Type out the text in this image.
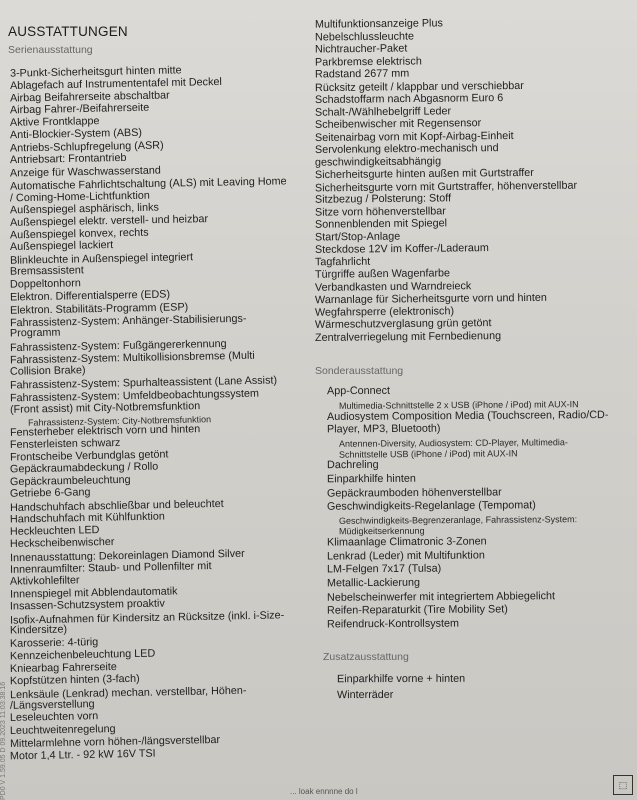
AUSSTATTUNGEN
Serienausstattung
3-Punkt-Sicherheitsgurt hinten mitte
Ablagefach auf Instrumententafel mit Deckel
Airbag Beifahrerseite abschaltbar
Airbag Fahrer-/Beifahrerseite
Aktive Frontklappe
Anti-Blockier-System (ABS)
Antriebs-Schlupfregelung (ASR)
Antriebsart: Frontantrieb
Anzeige für Waschwasserstand
Automatische Fahrlichtschaltung (ALS) mit Leaving Home
/ Coming-Home-Lichtfunktion
Außenspiegel asphärisch, links
Außenspiegel elektr. verstell- und heizbar
Außenspiegel konvex, rechts
Außenspiegel lackiert
Blinkleuchte in Außenspiegel integriert
Bremsassistent
Doppeltonhorn
Elektron. Differentialsperre (EDS)
Elektron. Stabilitäts-Programm (ESP)
Fahrassistenz-System: Anhänger-Stabilisierungs-
Programm
Fahrassistenz-System: Fußgängererkennung
Fahrassistenz-System: Multikollisionsbremse (Multi
Collision Brake)
Fahrassistenz-System: Spurhalteassistent (Lane Assist)
Fahrassistenz-System: Umfeldbeobachtungssystem
(Front assist) mit City-Notbremsfunktion
Fahrassistenz-System: City-Notbremsfunktion
Fensterheber elektrisch vorn und hinten
Fensterleisten schwarz
Frontscheibe Verbundglas getönt
Gepäckraumabdeckung / Rollo
Gepäckraumbeleuchtung
Getriebe 6-Gang
Handschuhfach abschließbar und beleuchtet
Handschuhfach mit Kühlfunktion
Heckleuchten LED
Heckscheibenwischer
Innenausstattung: Dekoreinlagen Diamond Silver
Innenraumfilter: Staub- und Pollenfilter mit
Aktivkohlefilter
Innenspiegel mit Abblendautomatik
Insassen-Schutzsystem proaktiv
Isofix-Aufnahmen für Kindersitz an Rücksitze (inkl. i-Size-
Kindersitze)
Karosserie: 4-türig
Kennzeichenbeleuchtung LED
Kniearbag Fahrerseite
Kopfstützen hinten (3-fach)
Lenksäule (Lenkrad) mechan. verstellbar, Höhen-
/Längsverstellung
Leseleuchten vorn
Leuchtweitenregelung
Mittelarmlehne vorn höhen-/längsverstellbar
Motor 1,4 Ltr. - 92 kW 16V TSI
Multifunktionsanzeige Plus
Nebelschlussleuchte
Nichtraucher-Paket
Parkbremse elektrisch
Radstand 2677 mm
Rücksitz geteilt / klappbar und verschiebbar
Schadstoffarm nach Abgasnorm Euro 6
Schalt-/Wählhebelgriff Leder
Scheibenwischer mit Regensensor
Seitenairbag vorn mit Kopf-Airbag-Einheit
Servolenkung elektro-mechanisch und
geschwindigkeitsabhängig
Sicherheitsgurte hinten außen mit Gurtstraffer
Sicherheitsgurte vorn mit Gurtstraffer, höhenverstellbar
Sitzbezug / Polsterung: Stoff
Sitze vorn höhenverstellbar
Sonnenblenden mit Spiegel
Start/Stop-Anlage
Steckdose 12V im Koffer-/Laderaum
Tagfahrlicht
Türgriffe außen Wagenfarbe
Verbandkasten und Warndreieck
Warnanlage für Sicherheitsgurte vorn und hinten
Wegfahrsperre (elektronisch)
Wärmeschutzverglasung grün getönt
Zentralverriegelung mit Fernbedienung
Sonderausstattung
App-Connect
Multimedia-Schnittstelle 2 x USB (iPhone / iPod) mit AUX-IN
Audiosystem Composition Media (Touchscreen, Radio/CD-
Player, MP3, Bluetooth)
Antennen-Diversity, Audiosystem: CD-Player, Multimedia-
Schnittstelle USB (iPhone / iPod) mit AUX-IN
Dachreling
Einparkhilfe hinten
Gepäckraumboden höhenverstellbar
Geschwindigkeits-Regelanlage (Tempomat)
Geschwindigkeits-Begrenzeranlage, Fahrassistenz-System:
Müdigkeitserkennung
Klimaanlage Climatronic 3-Zonen
Lenkrad (Leder) mit Multifunktion
LM-Felgen 7x17 (Tulsa)
Metallic-Lackierung
Nebelscheinwerfer mit integriertem Abbiegelicht
Reifen-Reparaturkit (Tire Mobility Set)
Reifendruck-Kontrollsystem
Zusatzausstattung
Einparkhilfe vorne + hinten
Winterräder
PD0 V 1.59.05 D 09.2023 11:03:38:16	... loak ennnne do l
⬚
